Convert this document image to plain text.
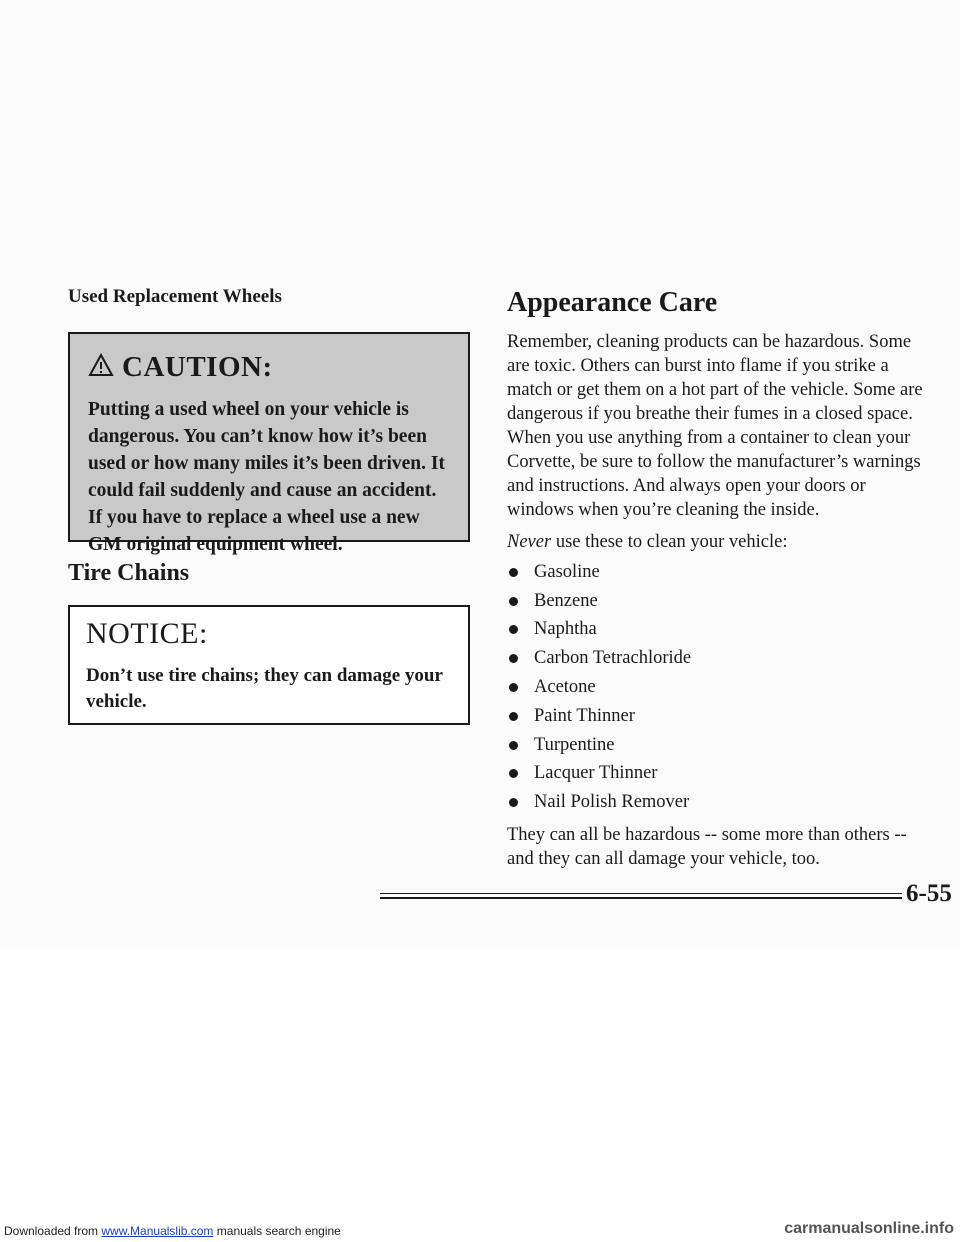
Used Replacement Wheels
CAUTION:
Putting a used wheel on your vehicle is dangerous. You can’t know how it’s been used or how many miles it’s been driven. It could fail suddenly and cause an accident. If you have to replace a wheel use a new GM original equipment wheel.
Tire Chains
NOTICE:
Don’t use tire chains; they can damage your vehicle.
Appearance Care
Remember, cleaning products can be hazardous. Some are toxic. Others can burst into flame if you strike a match or get them on a hot part of the vehicle. Some are dangerous if you breathe their fumes in a closed space. When you use anything from a container to clean your Corvette, be sure to follow the manufacturer’s warnings and instructions. And always open your doors or windows when you’re cleaning the inside.
Never use these to clean your vehicle:
Gasoline
Benzene
Naphtha
Carbon Tetrachloride
Acetone
Paint Thinner
Turpentine
Lacquer Thinner
Nail Polish Remover
They can all be hazardous -- some more than others -- and they can all damage your vehicle, too.
6-55
Downloaded from www.Manualslib.com manuals search engine	carmanualsonline.info
